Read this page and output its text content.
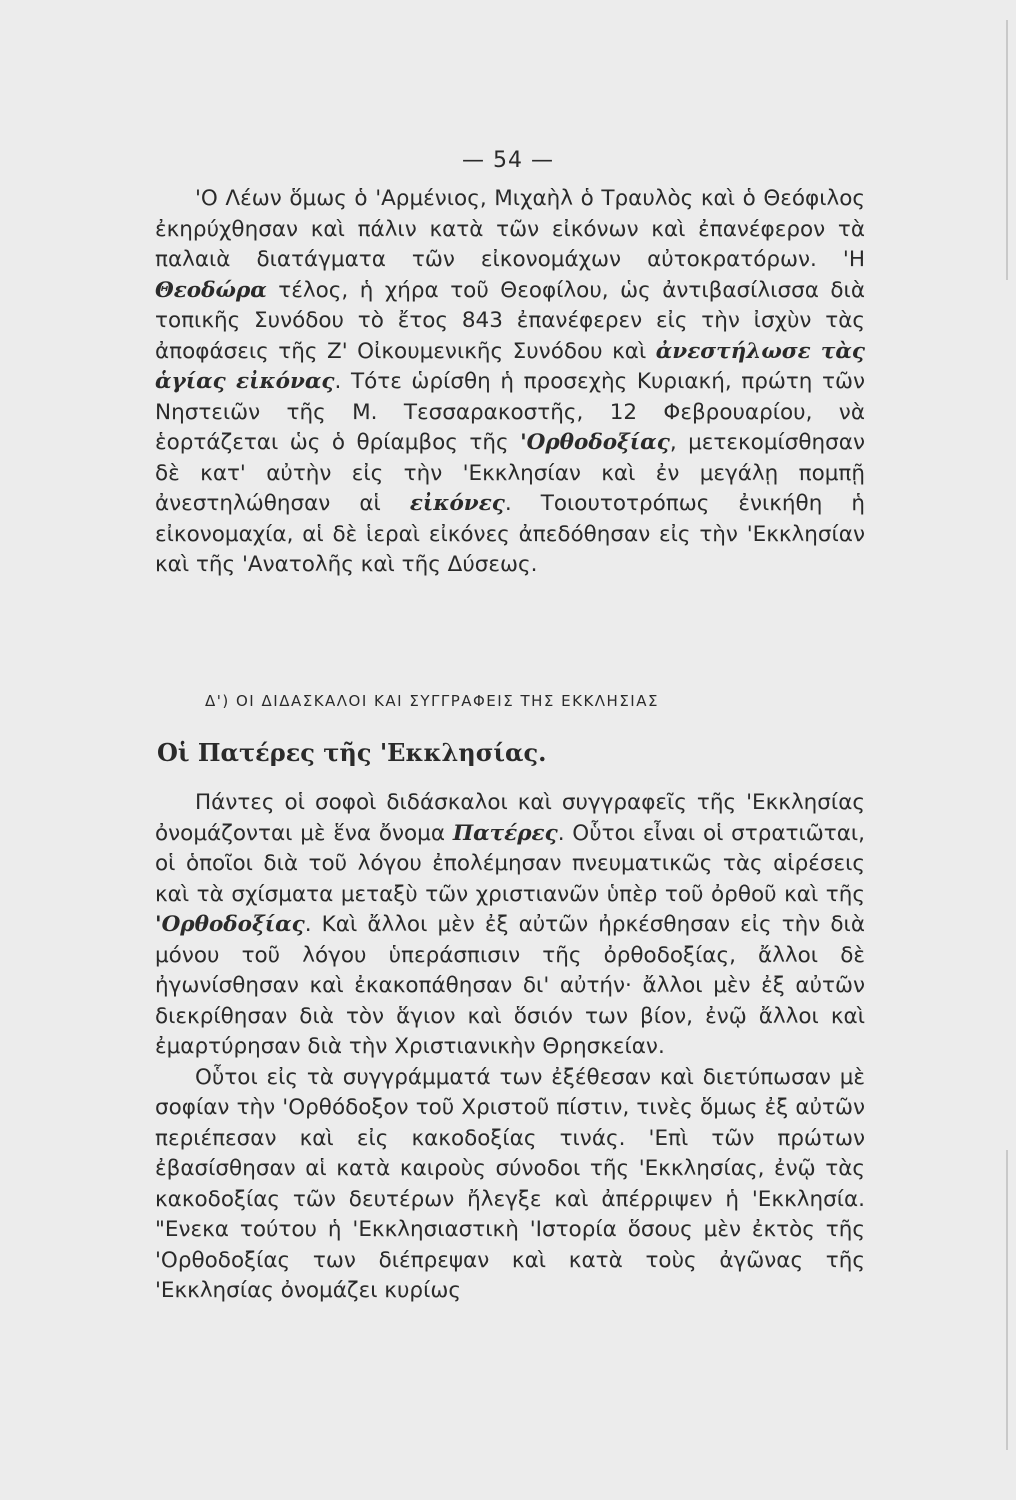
— 54 —

'Ο Λέων ὅμως ὁ 'Αρμένιος, Μιχαὴλ ὁ Τραυλὸς καὶ ὁ Θεόφιλος ἐκηρύχθησαν καὶ πάλιν κατὰ τῶν εἰκόνων καὶ ἐπανέφερον τὰ παλαιὰ διατάγματα τῶν εἰκονομάχων αὐτοκρατόρων. 'Η Θεοδώρα τέλος, ἡ χήρα τοῦ Θεοφίλου, ὡς ἀντιβασίλισσα διὰ τοπικῆς Συνόδου τὸ ἔτος 843 ἐπανέφερεν εἰς τὴν ἰσχὺν τὰς ἀποφάσεις τῆς Ζ' Οἰκουμενικῆς Συνόδου καὶ ἀνεστήλωσε τὰς ἁγίας εἰκόνας. Τότε ὡρίσθη ἡ προσεχὴς Κυριακή, πρώτη τῶν Νηστειῶν τῆς Μ. Τεσσαρακοστῆς, 12 Φεβρουαρίου, νὰ ἑορτάζεται ὡς ὁ θρίαμβος τῆς 'Ορθοδοξίας, μετεκομίσθησαν δὲ κατ' αὐτὴν εἰς τὴν 'Εκκλησίαν καὶ ἐν μεγάλῃ πομπῇ ἀνεστηλώθησαν αἱ εἰκόνες. Τοιουτοτρόπως ἐνικήθη ἡ εἰκονομαχία, αἱ δὲ ἱεραὶ εἰκόνες ἀπεδόθησαν εἰς τὴν 'Εκκλησίαν καὶ τῆς 'Ανατολῆς καὶ τῆς Δύσεως.

Δ') ΟΙ ΔΙΔΑΣΚΑΛΟΙ ΚΑΙ ΣΥΓΓΡΑΦΕΙΣ ΤΗΣ ΕΚΚΛΗΣΙΑΣ
Οἱ Πατέρες τῆς 'Εκκλησίας.

Πάντες οἱ σοφοὶ διδάσκαλοι καὶ συγγραφεῖς τῆς 'Εκκλησίας ὀνομάζονται μὲ ἕνα ὄνομα Πατέρες. Οὗτοι εἶναι οἱ στρατιῶται, οἱ ὁποῖοι διὰ τοῦ λόγου ἐπολέμησαν πνευματικῶς τὰς αἱρέσεις καὶ τὰ σχίσματα μεταξὺ τῶν χριστιανῶν ὑπὲρ τοῦ ὀρθοῦ καὶ τῆς 'Ορθοδοξίας. Καὶ ἄλλοι μὲν ἐξ αὐτῶν ἠρκέσθησαν εἰς τὴν διὰ μόνου τοῦ λόγου ὑπεράσπισιν τῆς ὀρθοδοξίας, ἄλλοι δὲ ἠγωνίσθησαν καὶ ἐκακοπάθησαν δι' αὐτήν· ἄλλοι μὲν ἐξ αὐτῶν διεκρίθησαν διὰ τὸν ἅγιον καὶ ὅσιόν των βίον, ἐνῷ ἄλλοι καὶ ἐμαρτύρησαν διὰ τὴν Χριστιανικὴν Θρησκείαν.

Οὗτοι εἰς τὰ συγγράμματά των ἐξέθεσαν καὶ διετύπωσαν μὲ σοφίαν τὴν 'Ορθόδοξον τοῦ Χριστοῦ πίστιν, τινὲς ὅμως ἐξ αὐτῶν περιέπεσαν καὶ εἰς κακοδοξίας τινάς. 'Επὶ τῶν πρώτων ἐβασίσθησαν αἱ κατὰ καιροὺς σύνοδοι τῆς 'Εκκλησίας, ἐνῷ τὰς κακοδοξίας τῶν δευτέρων ἤλεγξε καὶ ἀπέρριψεν ἡ 'Εκκλησία. "Ενεκα τούτου ἡ 'Εκκλησιαστικὴ 'Ιστορία ὅσους μὲν ἐκτὸς τῆς 'Ορθοδοξίας των διέπρεψαν καὶ κατὰ τοὺς ἀγῶνας τῆς 'Εκκλησίας ὀνομάζει κυρίως
